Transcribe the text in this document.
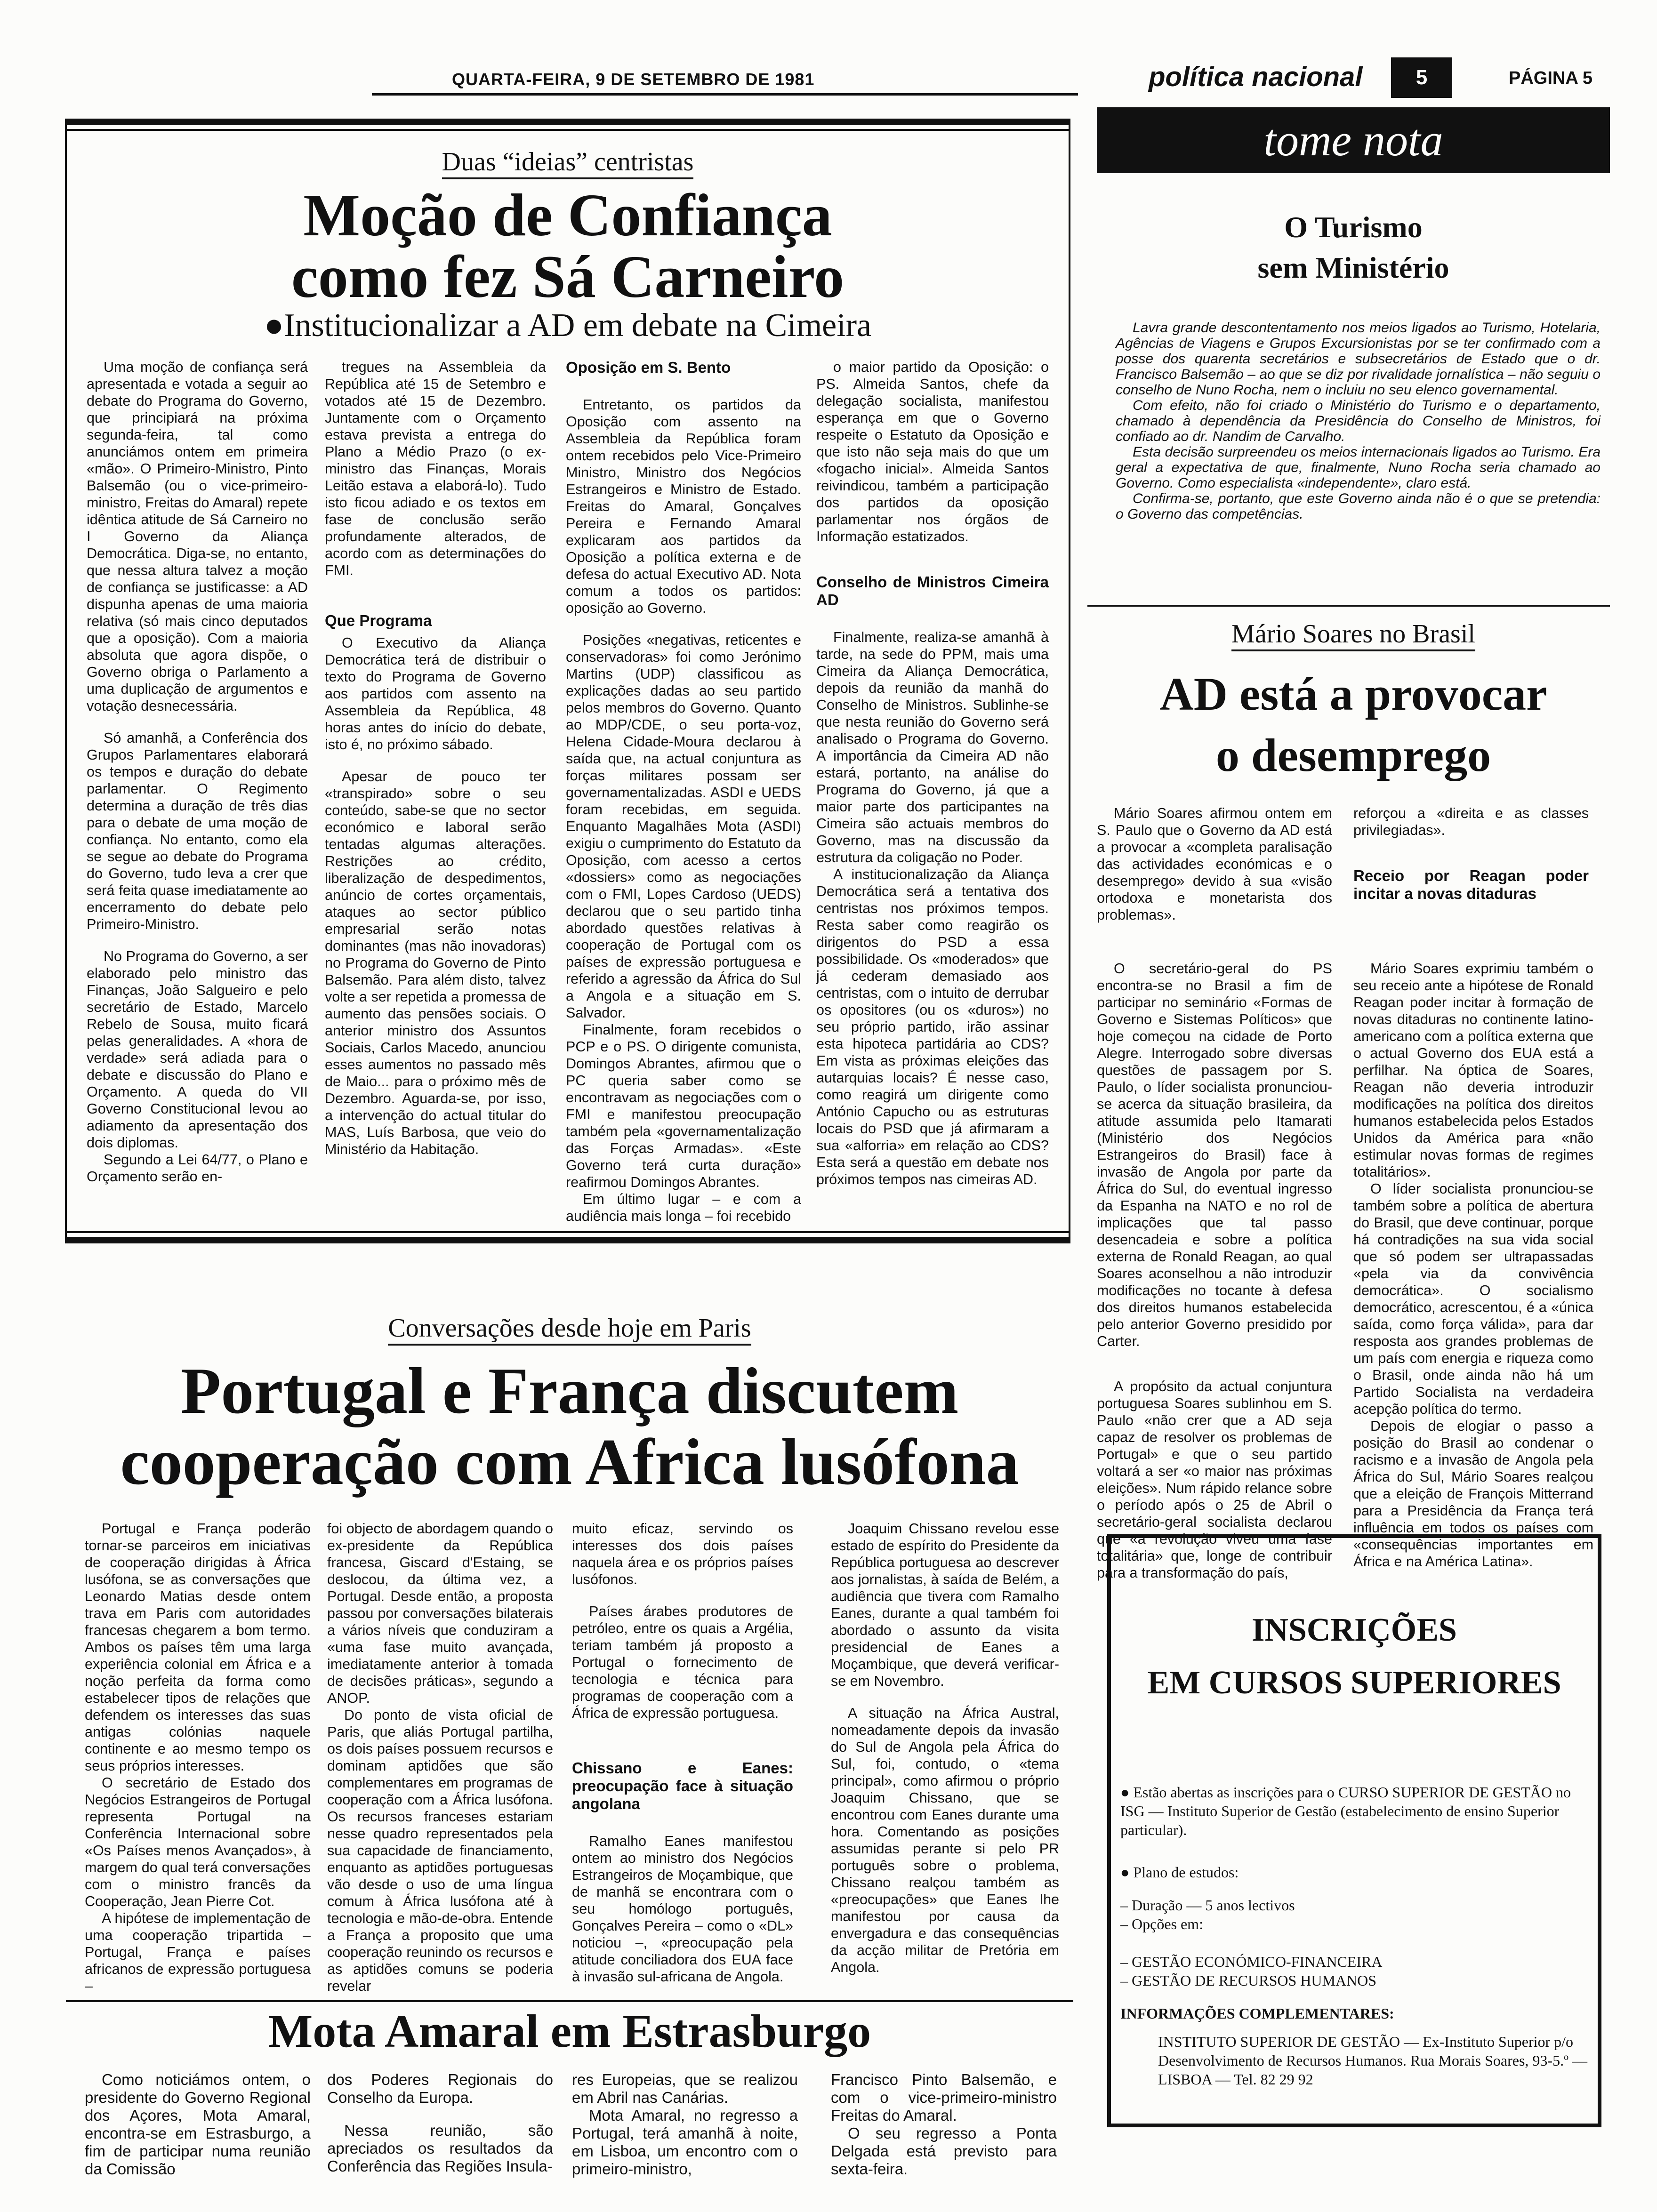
QUARTA-FEIRA, 9 DE SETEMBRO DE 1981	política nacional	5	PÁGINA 5
Duas “ideias” centristas
Moção de Confiança
como fez Sá Carneiro
●Institucionalizar a AD em debate na Cimeira

Uma moção de confiança será apresentada e votada a seguir ao debate do Programa do Governo, que principiará na próxima segunda-feira, tal como anunciámos ontem em primeira «mão». O Primeiro-Ministro, Pinto Balsemão (ou o vice-primeiro-ministro, Freitas do Amaral) repete idêntica atitude de Sá Carneiro no I Governo da Aliança Democrática. Diga-se, no entanto, que nessa altura talvez a moção de confiança se justificasse: a AD dispunha apenas de uma maioria relativa (só mais cinco deputados que a oposição). Com a maioria absoluta que agora dispõe, o Governo obriga o Parlamento a uma duplicação de argumentos e votação desnecessária.

Só amanhã, a Conferência dos Grupos Parlamentares elaborará os tempos e duração do debate parlamentar. O Regimento determina a duração de três dias para o debate de uma moção de confiança. No entanto, como ela se segue ao debate do Programa do Governo, tudo leva a crer que será feita quase imediatamente ao encerramento do debate pelo Primeiro-Ministro.

No Programa do Governo, a ser elaborado pelo ministro das Finanças, João Salgueiro e pelo secretário de Estado, Marcelo Rebelo de Sousa, muito ficará pelas generalidades. A «hora de verdade» será adiada para o debate e discussão do Plano e Orçamento. A queda do VII Governo Constitucional levou ao adiamento da apresentação dos dois diplomas.

Segundo a Lei 64/77, o Plano e Orçamento serão en-

tregues na Assembleia da República até 15 de Setembro e votados até 15 de Dezembro. Juntamente com o Orçamento estava prevista a entrega do Plano a Médio Prazo (o ex-ministro das Finanças, Morais Leitão estava a elaborá-lo). Tudo isto ficou adiado e os textos em fase de conclusão serão profundamente alterados, de acordo com as determinações do FMI.

Que Programa

O Executivo da Aliança Democrática terá de distribuir o texto do Programa de Governo aos partidos com assento na Assembleia da República, 48 horas antes do início do debate, isto é, no próximo sábado.

Apesar de pouco ter «transpirado» sobre o seu conteúdo, sabe-se que no sector económico e laboral serão tentadas algumas alterações. Restrições ao crédito, liberalização de despedimentos, anúncio de cortes orçamentais, ataques ao sector público empresarial serão notas dominantes (mas não inovadoras) no Programa do Governo de Pinto Balsemão. Para além disto, talvez volte a ser repetida a promessa de aumento das pensões sociais. O anterior ministro dos Assuntos Sociais, Carlos Macedo, anunciou esses aumentos no passado mês de Maio... para o próximo mês de Dezembro. Aguarda-se, por isso, a intervenção do actual titular do MAS, Luís Barbosa, que veio do Ministério da Habitação.

Oposição em S. Bento

Entretanto, os partidos da Oposição com assento na Assembleia da República foram ontem recebidos pelo Vice-Primeiro Ministro, Ministro dos Negócios Estrangeiros e Ministro de Estado. Freitas do Amaral, Gonçalves Pereira e Fernando Amaral explicaram aos partidos da Oposição a política externa e de defesa do actual Executivo AD. Nota comum a todos os partidos: oposição ao Governo.

Posições «negativas, reticentes e conservadoras» foi como Jerónimo Martins (UDP) classificou as explicações dadas ao seu partido pelos membros do Governo. Quanto ao MDP/CDE, o seu porta-voz, Helena Cidade-Moura declarou à saída que, na actual conjuntura as forças militares possam ser governamentalizadas. ASDI e UEDS foram recebidas, em seguida. Enquanto Magalhães Mota (ASDI) exigiu o cumprimento do Estatuto da Oposição, com acesso a certos «dossiers» como as negociações com o FMI, Lopes Cardoso (UEDS) declarou que o seu partido tinha abordado questões relativas à cooperação de Portugal com os países de expressão portuguesa e referido a agressão da África do Sul a Angola e a situação em S. Salvador.

Finalmente, foram recebidos o PCP e o PS. O dirigente comunista, Domingos Abrantes, afirmou que o PC queria saber como se encontravam as negociações com o FMI e manifestou preocupação também pela «governamentalização das Forças Armadas». «Este Governo terá curta duração» reafirmou Domingos Abrantes.

Em último lugar – e com a audiência mais longa – foi recebido

o maior partido da Oposição: o PS. Almeida Santos, chefe da delegação socialista, manifestou esperança em que o Governo respeite o Estatuto da Oposição e que isto não seja mais do que um «fogacho inicial». Almeida Santos reivindicou, também a participação dos partidos da oposição parlamentar nos órgãos de Informação estatizados.

Conselho de Ministros Cimeira AD

Finalmente, realiza-se amanhã à tarde, na sede do PPM, mais uma Cimeira da Aliança Democrática, depois da reunião da manhã do Conselho de Ministros. Sublinhe-se que nesta reunião do Governo será analisado o Programa do Governo. A importância da Cimeira AD não estará, portanto, na análise do Programa do Governo, já que a maior parte dos participantes na Cimeira são actuais membros do Governo, mas na discussão da estrutura da coligação no Poder.

A institucionalização da Aliança Democrática será a tentativa dos centristas nos próximos tempos. Resta saber como reagirão os dirigentos do PSD a essa possibilidade. Os «moderados» que já cederam demasiado aos centristas, com o intuito de derrubar os opositores (ou os «duros») no seu próprio partido, irão assinar esta hipoteca partidária ao CDS? Em vista as próximas eleições das autarquias locais? É nesse caso, como reagirá um dirigente como António Capucho ou as estruturas locais do PSD que já afirmaram a sua «alforria» em relação ao CDS? Esta será a questão em debate nos próximos tempos nas cimeiras AD.

tome nota
O Turismo
sem Ministério

Lavra grande descontentamento nos meios ligados ao Turismo, Hotelaria, Agências de Viagens e Grupos Excursionistas por se ter confirmado com a posse dos quarenta secretários e subsecretários de Estado que o dr. Francisco Balsemão – ao que se diz por rivalidade jornalística – não seguiu o conselho de Nuno Rocha, nem o incluiu no seu elenco governamental.

Com efeito, não foi criado o Ministério do Turismo e o departamento, chamado à dependência da Presidência do Conselho de Ministros, foi confiado ao dr. Nandim de Carvalho.

Esta decisão surpreendeu os meios internacionais ligados ao Turismo. Era geral a expectativa de que, finalmente, Nuno Rocha seria chamado ao Governo. Como especialista «independente», claro está.

Confirma-se, portanto, que este Governo ainda não é o que se pretendia: o Governo das competências.

Mário Soares no Brasil
AD está a provocar
o desemprego

Mário Soares afirmou ontem em S. Paulo que o Governo da AD está a provocar a «completa paralisação das actividades económicas e o desemprego» devido à sua «visão ortodoxa e monetarista dos problemas».

reforçou a «direita e as classes privilegiadas».

Receio por Reagan poder incitar a novas ditaduras

O secretário-geral do PS encontra-se no Brasil a fim de participar no seminário «Formas de Governo e Sistemas Políticos» que hoje começou na cidade de Porto Alegre. Interrogado sobre diversas questões de passagem por S. Paulo, o líder socialista pronunciou-se acerca da situação brasileira, da atitude assumida pelo Itamarati (Ministério dos Negócios Estrangeiros do Brasil) face à invasão de Angola por parte da África do Sul, do eventual ingresso da Espanha na NATO e no rol de implicações que tal passo desencadeia e sobre a política externa de Ronald Reagan, ao qual Soares aconselhou a não introduzir modificações no tocante à defesa dos direitos humanos estabelecida pelo anterior Governo presidido por Carter.

A propósito da actual conjuntura portuguesa Soares sublinhou em S. Paulo «não crer que a AD seja capaz de resolver os problemas de Portugal» e que o seu partido voltará a ser «o maior nas próximas eleições». Num rápido relance sobre o período após o 25 de Abril o secretário-geral socialista declarou que «a revolução viveu uma fase totalitária» que, longe de contribuir para a transformação do país,

Mário Soares exprimiu também o seu receio ante a hipótese de Ronald Reagan poder incitar à formação de novas ditaduras no continente latino-americano com a política externa que o actual Governo dos EUA está a perfilhar. Na óptica de Soares, Reagan não deveria introduzir modificações na política dos direitos humanos estabelecida pelos Estados Unidos da América para «não estimular novas formas de regimes totalitários».

O líder socialista pronunciou-se também sobre a política de abertura do Brasil, que deve continuar, porque há contradições na sua vida social que só podem ser ultrapassadas «pela via da convivência democrática». O socialismo democrático, acrescentou, é a «única saída, como força válida», para dar resposta aos grandes problemas de um país com energia e riqueza como o Brasil, onde ainda não há um Partido Socialista na verdadeira acepção política do termo.

Depois de elogiar o passo a posição do Brasil ao condenar o racismo e a invasão de Angola pela África do Sul, Mário Soares realçou que a eleição de François Mitterrand para a Presidência da França terá influência em todos os países com «consequências importantes em África e na América Latina».

Conversações desde hoje em Paris
Portugal e França discutem
cooperação com Africa lusófona

Portugal e França poderão tornar-se parceiros em iniciativas de cooperação dirigidas à África lusófona, se as conversações que Leonardo Matias desde ontem trava em Paris com autoridades francesas chegarem a bom termo. Ambos os países têm uma larga experiência colonial em África e a noção perfeita da forma como estabelecer tipos de relações que defendem os interesses das suas antigas colónias naquele continente e ao mesmo tempo os seus próprios interesses.

O secretário de Estado dos Negócios Estrangeiros de Portugal representa Portugal na Conferência Internacional sobre «Os Países menos Avançados», à margem do qual terá conversações com o ministro francês da Cooperação, Jean Pierre Cot.

A hipótese de implementação de uma cooperação tripartida – Portugal, França e países africanos de expressão portuguesa –

foi objecto de abordagem quando o ex-presidente da República francesa, Giscard d'Estaing, se deslocou, da última vez, a Portugal. Desde então, a proposta passou por conversações bilaterais a vários níveis que conduziram a «uma fase muito avançada, imediatamente anterior à tomada de decisões práticas», segundo a ANOP.

Do ponto de vista oficial de Paris, que aliás Portugal partilha, os dois países possuem recursos e dominam aptidões que são complementares em programas de cooperação com a África lusófona. Os recursos franceses estariam nesse quadro representados pela sua capacidade de financiamento, enquanto as aptidões portuguesas vão desde o uso de uma língua comum à África lusófona até à tecnologia e mão-de-obra. Entende a França a proposito que uma cooperação reunindo os recursos e as aptidões comuns se poderia revelar

muito eficaz, servindo os interesses dos dois países naquela área e os próprios países lusófonos.

Países árabes produtores de petróleo, entre os quais a Argélia, teriam também já proposto a Portugal o fornecimento de tecnologia e técnica para programas de cooperação com a África de expressão portuguesa.

Chissano e Eanes: preocupação face à situação angolana

Ramalho Eanes manifestou ontem ao ministro dos Negócios Estrangeiros de Moçambique, que de manhã se encontrara com o seu homólogo português, Gonçalves Pereira – como o «DL» noticiou –, «preocupação pela atitude conciliadora dos EUA face à invasão sul-africana de Angola.

Joaquim Chissano revelou esse estado de espírito do Presidente da República portuguesa ao descrever aos jornalistas, à saída de Belém, a audiência que tivera com Ramalho Eanes, durante a qual também foi abordado o assunto da visita presidencial de Eanes a Moçambique, que deverá verificar-se em Novembro.

A situação na África Austral, nomeadamente depois da invasão do Sul de Angola pela África do Sul, foi, contudo, o «tema principal», como afirmou o próprio Joaquim Chissano, que se encontrou com Eanes durante uma hora. Comentando as posições assumidas perante si pelo PR português sobre o problema, Chissano realçou também as «preocupações» que Eanes lhe manifestou por causa da envergadura e das consequências da acção militar de Pretória em Angola.

Mota Amaral em Estrasburgo

Como noticiámos ontem, o presidente do Governo Regional dos Açores, Mota Amaral, encontra-se em Estrasburgo, a fim de participar numa reunião da Comissão

dos Poderes Regionais do Conselho da Europa.

Nessa reunião, são apreciados os resultados da Conferência das Regiões Insula-

res Europeias, que se realizou em Abril nas Canárias.

Mota Amaral, no regresso a Portugal, terá amanhã à noite, em Lisboa, um encontro com o primeiro-ministro,

Francisco Pinto Balsemão, e com o vice-primeiro-ministro Freitas do Amaral.

O seu regresso a Ponta Delgada está previsto para sexta-feira.

INSCRIÇÕES
EM CURSOS SUPERIORES
● Estão abertas as inscrições para o CURSO SUPERIOR DE GESTÃO no ISG — Instituto Superior de Gestão (estabelecimento de ensino Superior particular).
● Plano de estudos:
– Duração — 5 anos lectivos
– Opções em:
– GESTÃO ECONÓMICO-FINANCEIRA
– GESTÃO DE RECURSOS HUMANOS
INFORMAÇÕES COMPLEMENTARES:
INSTITUTO SUPERIOR DE GESTÃO — Ex-Instituto Superior p/o Desenvolvimento de Recursos Humanos. Rua Morais Soares, 93-5.º — LISBOA — Tel. 82 29 92
